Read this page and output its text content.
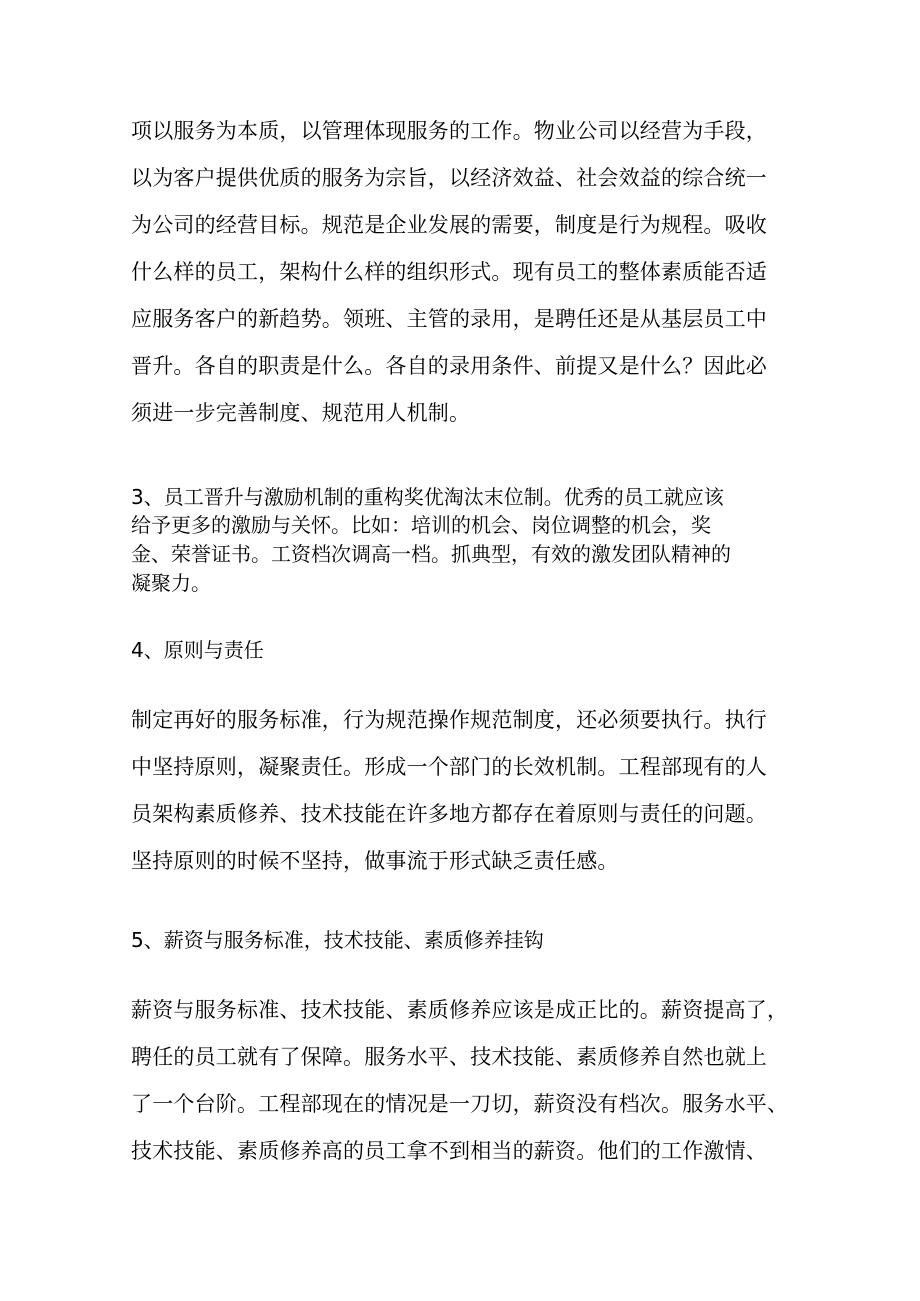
项以服务为本质，以管理体现服务的工作。物业公司以经营为手段，

以为客户提供优质的服务为宗旨，以经济效益、社会效益的综合统一

为公司的经营目标。规范是企业发展的需要，制度是行为规程。吸收

什么样的员工，架构什么样的组织形式。现有员工的整体素质能否适

应服务客户的新趋势。领班、主管的录用，是聘任还是从基层员工中

晋升。各自的职责是什么。各自的录用条件、前提又是什么？因此必

须进一步完善制度、规范用人机制。

3、员工晋升与激励机制的重构奖优淘汰末位制。优秀的员工就应该

给予更多的激励与关怀。比如：培训的机会、岗位调整的机会，奖

金、荣誉证书。工资档次调高一档。抓典型，有效的激发团队精神的

凝聚力。

4、原则与责任

制定再好的服务标准，行为规范操作规范制度，还必须要执行。执行

中坚持原则，凝聚责任。形成一个部门的长效机制。工程部现有的人

员架构素质修养、技术技能在许多地方都存在着原则与责任的问题。

坚持原则的时候不坚持，做事流于形式缺乏责任感。

5、薪资与服务标准，技术技能、素质修养挂钩

薪资与服务标准、技术技能、素质修养应该是成正比的。薪资提高了，

聘任的员工就有了保障。服务水平、技术技能、素质修养自然也就上

了一个台阶。工程部现在的情况是一刀切，薪资没有档次。服务水平、

技术技能、素质修养高的员工拿不到相当的薪资。他们的工作激情、
